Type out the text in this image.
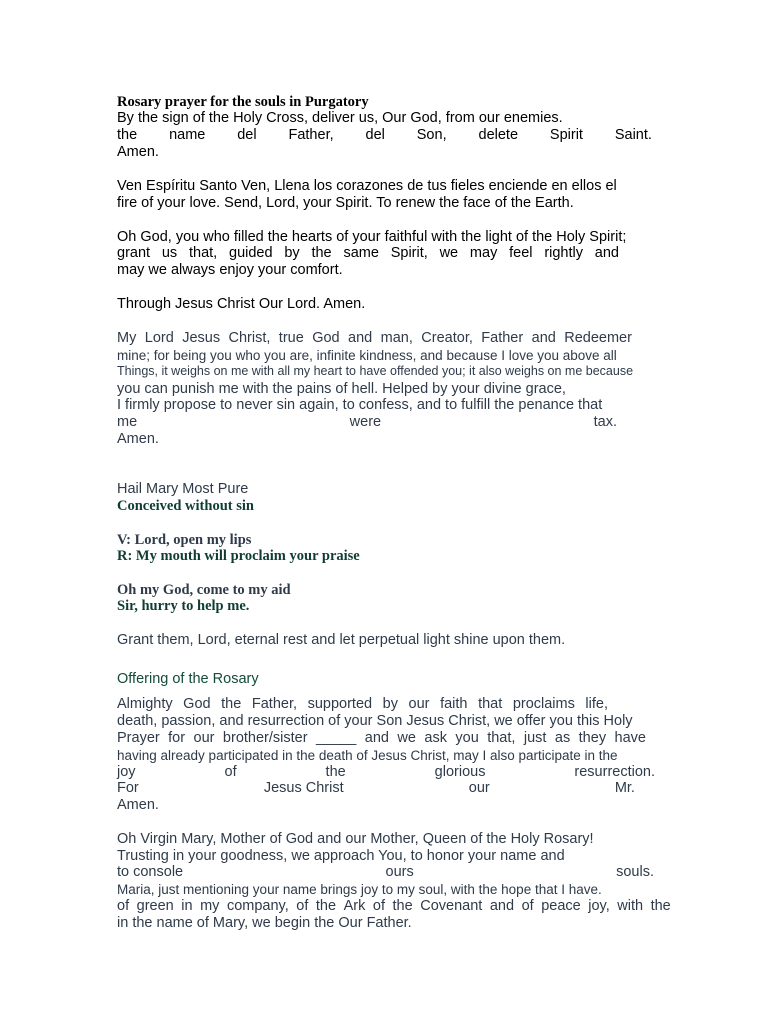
Rosary prayer for the souls in Purgatory
By the sign of the Holy Cross, deliver us, Our God, from our enemies.
the name del Father, del Son, delete Spirit Saint.
Amen.
Ven Espíritu Santo Ven, Llena los corazones de tus fieles enciende en ellos el
fire of your love. Send, Lord, your Spirit. To renew the face of the Earth.
Oh God, you who filled the hearts of your faithful with the light of the Holy Spirit;
grant us that, guided by the same Spirit, we may feel rightly and
may we always enjoy your comfort.
Through Jesus Christ Our Lord. Amen.
My Lord Jesus Christ, true God and man, Creator, Father and Redeemer
mine; for being you who you are, infinite kindness, and because I love you above all
Things, it weighs on me with all my heart to have offended you; it also weighs on me because
you can punish me with the pains of hell. Helped by your divine grace,
I firmly propose to never sin again, to confess, and to fulfill the penance that
me	were	tax.
Amen.
Hail Mary Most Pure
Conceived without sin
V: Lord, open my lips
R: My mouth will proclaim your praise
Oh my God, come to my aid
Sir, hurry to help me.
Grant them, Lord, eternal rest and let perpetual light shine upon them.
Offering of the Rosary
Almighty God the Father, supported by our faith that proclaims life,
death, passion, and resurrection of your Son Jesus Christ, we offer you this Holy
Prayer for our brother/sister _____ and we ask you that, just as they have
having already participated in the death of Jesus Christ, may I also participate in the
joy	of	the	glorious	resurrection.
For	Jesus Christ	our	Mr.
Amen.
Oh Virgin Mary, Mother of God and our Mother, Queen of the Holy Rosary!
Trusting in your goodness, we approach You, to honor your name and
to console	ours	souls.
Maria, just mentioning your name brings joy to my soul, with the hope that I have.
of green in my company, of the Ark of the Covenant and of peace joy, with the
in the name of Mary, we begin the Our Father.
